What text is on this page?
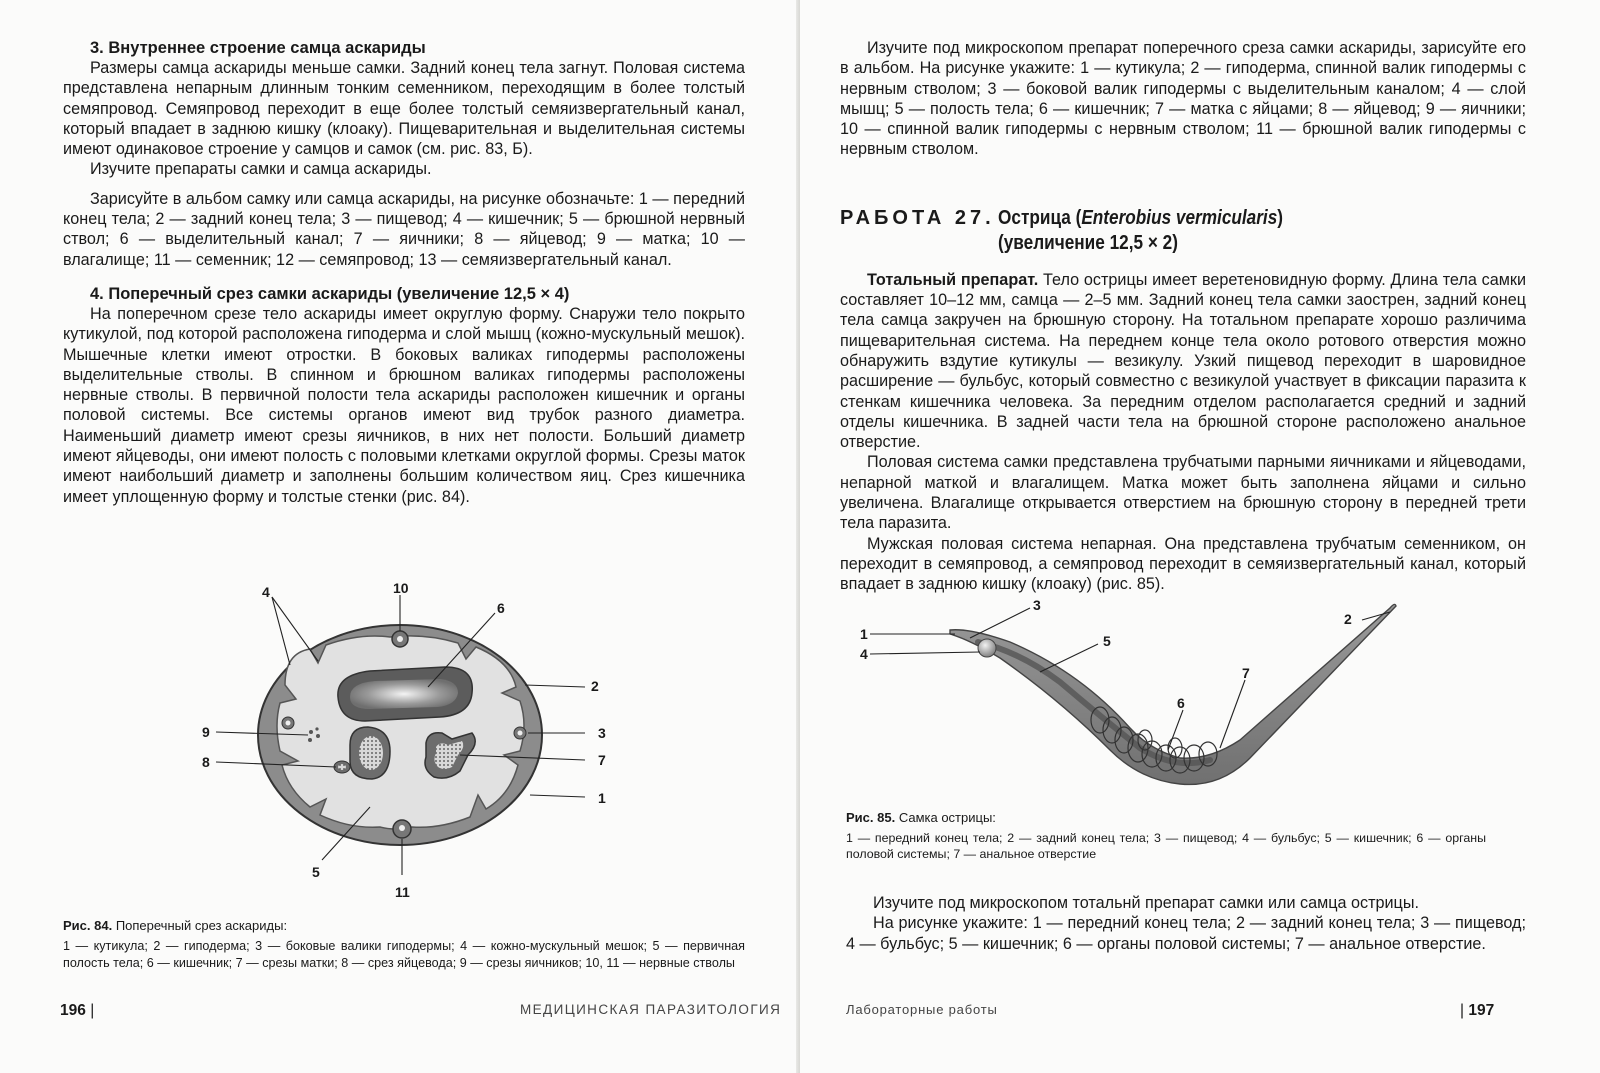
3. Внутреннее строение самца аскариды

Размеры самца аскариды меньше самки. Задний конец тела загнут. Половая система представлена непарным длинным тонким семенником, переходящим в более толстый семяпровод. Семяпровод переходит в еще более толстый семяизвергательный канал, который впадает в заднюю кишку (клоаку). Пищеварительная и выделительная системы имеют одинаковое строение у самцов и самок (см. рис. 83, Б).

Изучите препараты самки и самца аскариды.

Зарисуйте в альбом самку или самца аскариды, на рисунке обозначьте: 1 — передний конец тела; 2 — задний конец тела; 3 — пищевод; 4 — кишечник; 5 — брюшной нервный ствол; 6 — выделительный канал; 7 — яичники; 8 — яйцевод; 9 — матка; 10 — влагалище; 11 — семенник; 12 — семяпровод; 13 — семяизвергательный канал.

4. Поперечный срез самки аскариды (увеличение 12,5 × 4)

На поперечном срезе тело аскариды имеет округлую форму. Снаружи тело покрыто кутикулой, под которой расположена гиподерма и слой мышц (кожно-мускульный мешок). Мышечные клетки имеют отростки. В боковых валиках гиподермы расположены выделительные стволы. В спинном и брюшном валиках гиподермы расположены нервные стволы. В первичной полости тела аскариды расположен кишечник и органы половой системы. Все системы органов имеют вид трубок разного диаметра. Наименьший диаметр имеют срезы яичников, в них нет полости. Больший диаметр имеют яйцеводы, они имеют полость с половыми клетками округлой формы. Срезы маток имеют наибольший диаметр и заполнены большим количеством яиц. Срез кишечника имеет уплощенную форму и толстые стенки (рис. 84).

4	10
6
2
3
7
1
9
8
5
11
Рис. 84. Поперечный срез аскариды:

1 — кутикула; 2 — гиподерма; 3 — боковые валики гиподермы; 4 — кожно-мускульный мешок; 5 — первичная полость тела; 6 — кишечник; 7 — срезы матки; 8 — срез яйцевода; 9 — срезы яичников; 10, 11 — нервные стволы

196 |	МЕДИЦИНСКАЯ ПАРАЗИТОЛОГИЯ

Изучите под микроскопом препарат поперечного среза самки аскариды, зарисуйте его в альбом. На рисунке укажите: 1 — кутикула; 2 — гиподерма, спинной валик гиподермы с нервным стволом; 3 — боковой валик гиподермы с выделительным каналом; 4 — слой мышц; 5 — полость тела; 6 — кишечник; 7 — матка с яйцами; 8 — яйцевод; 9 — яичники; 10 — спинной валик гиподермы с нервным стволом; 11 — брюшной валик гиподермы с нервным стволом.

РАБОТА 27. Острица (Enterobius vermicularis)
(увеличение 12,5 × 2)

Тотальный препарат. Тело острицы имеет веретеновидную форму. Длина тела самки составляет 10–12 мм, самца — 2–5 мм. Задний конец тела самки заострен, задний конец тела самца закручен на брюшную сторону. На тотальном препарате хорошо различима пищеварительная система. На переднем конце тела около ротового отверстия можно обнаружить вздутие кутикулы — везикулу. Узкий пищевод переходит в шаровидное расширение — бульбус, который совместно с везикулой участвует в фиксации паразита к стенкам кишечника человека. За передним отделом располагается средний и задний отделы кишечника. В задней части тела на брюшной стороне расположено анальное отверстие.

Половая система самки представлена трубчатыми парными яичниками и яйцеводами, непарной маткой и влагалищем. Матка может быть заполнена яйцами и сильно увеличена. Влагалище открывается отверстием на брюшную сторону в передней трети тела паразита.

Мужская половая система непарная. Она представлена трубчатым семенником, он переходит в семяпровод, а семяпровод переходит в семяизвергательный канал, который впадает в заднюю кишку (клоаку) (рис. 85).

1
4
3
5
2
7
6
Рис. 85. Самка острицы:

1 — передний конец тела; 2 — задний конец тела; 3 — пищевод; 4 — бульбус; 5 — кишечник; 6 — органы половой системы; 7 — анальное отверстие

Изучите под микроскопом тотальнй препарат самки или самца острицы.

На рисунке укажите: 1 — передний конец тела; 2 — задний конец тела; 3 — пищевод; 4 — бульбус; 5 — кишечник; 6 — органы половой системы; 7 — анальное отверстие.

Лабораторные работы	| 197
